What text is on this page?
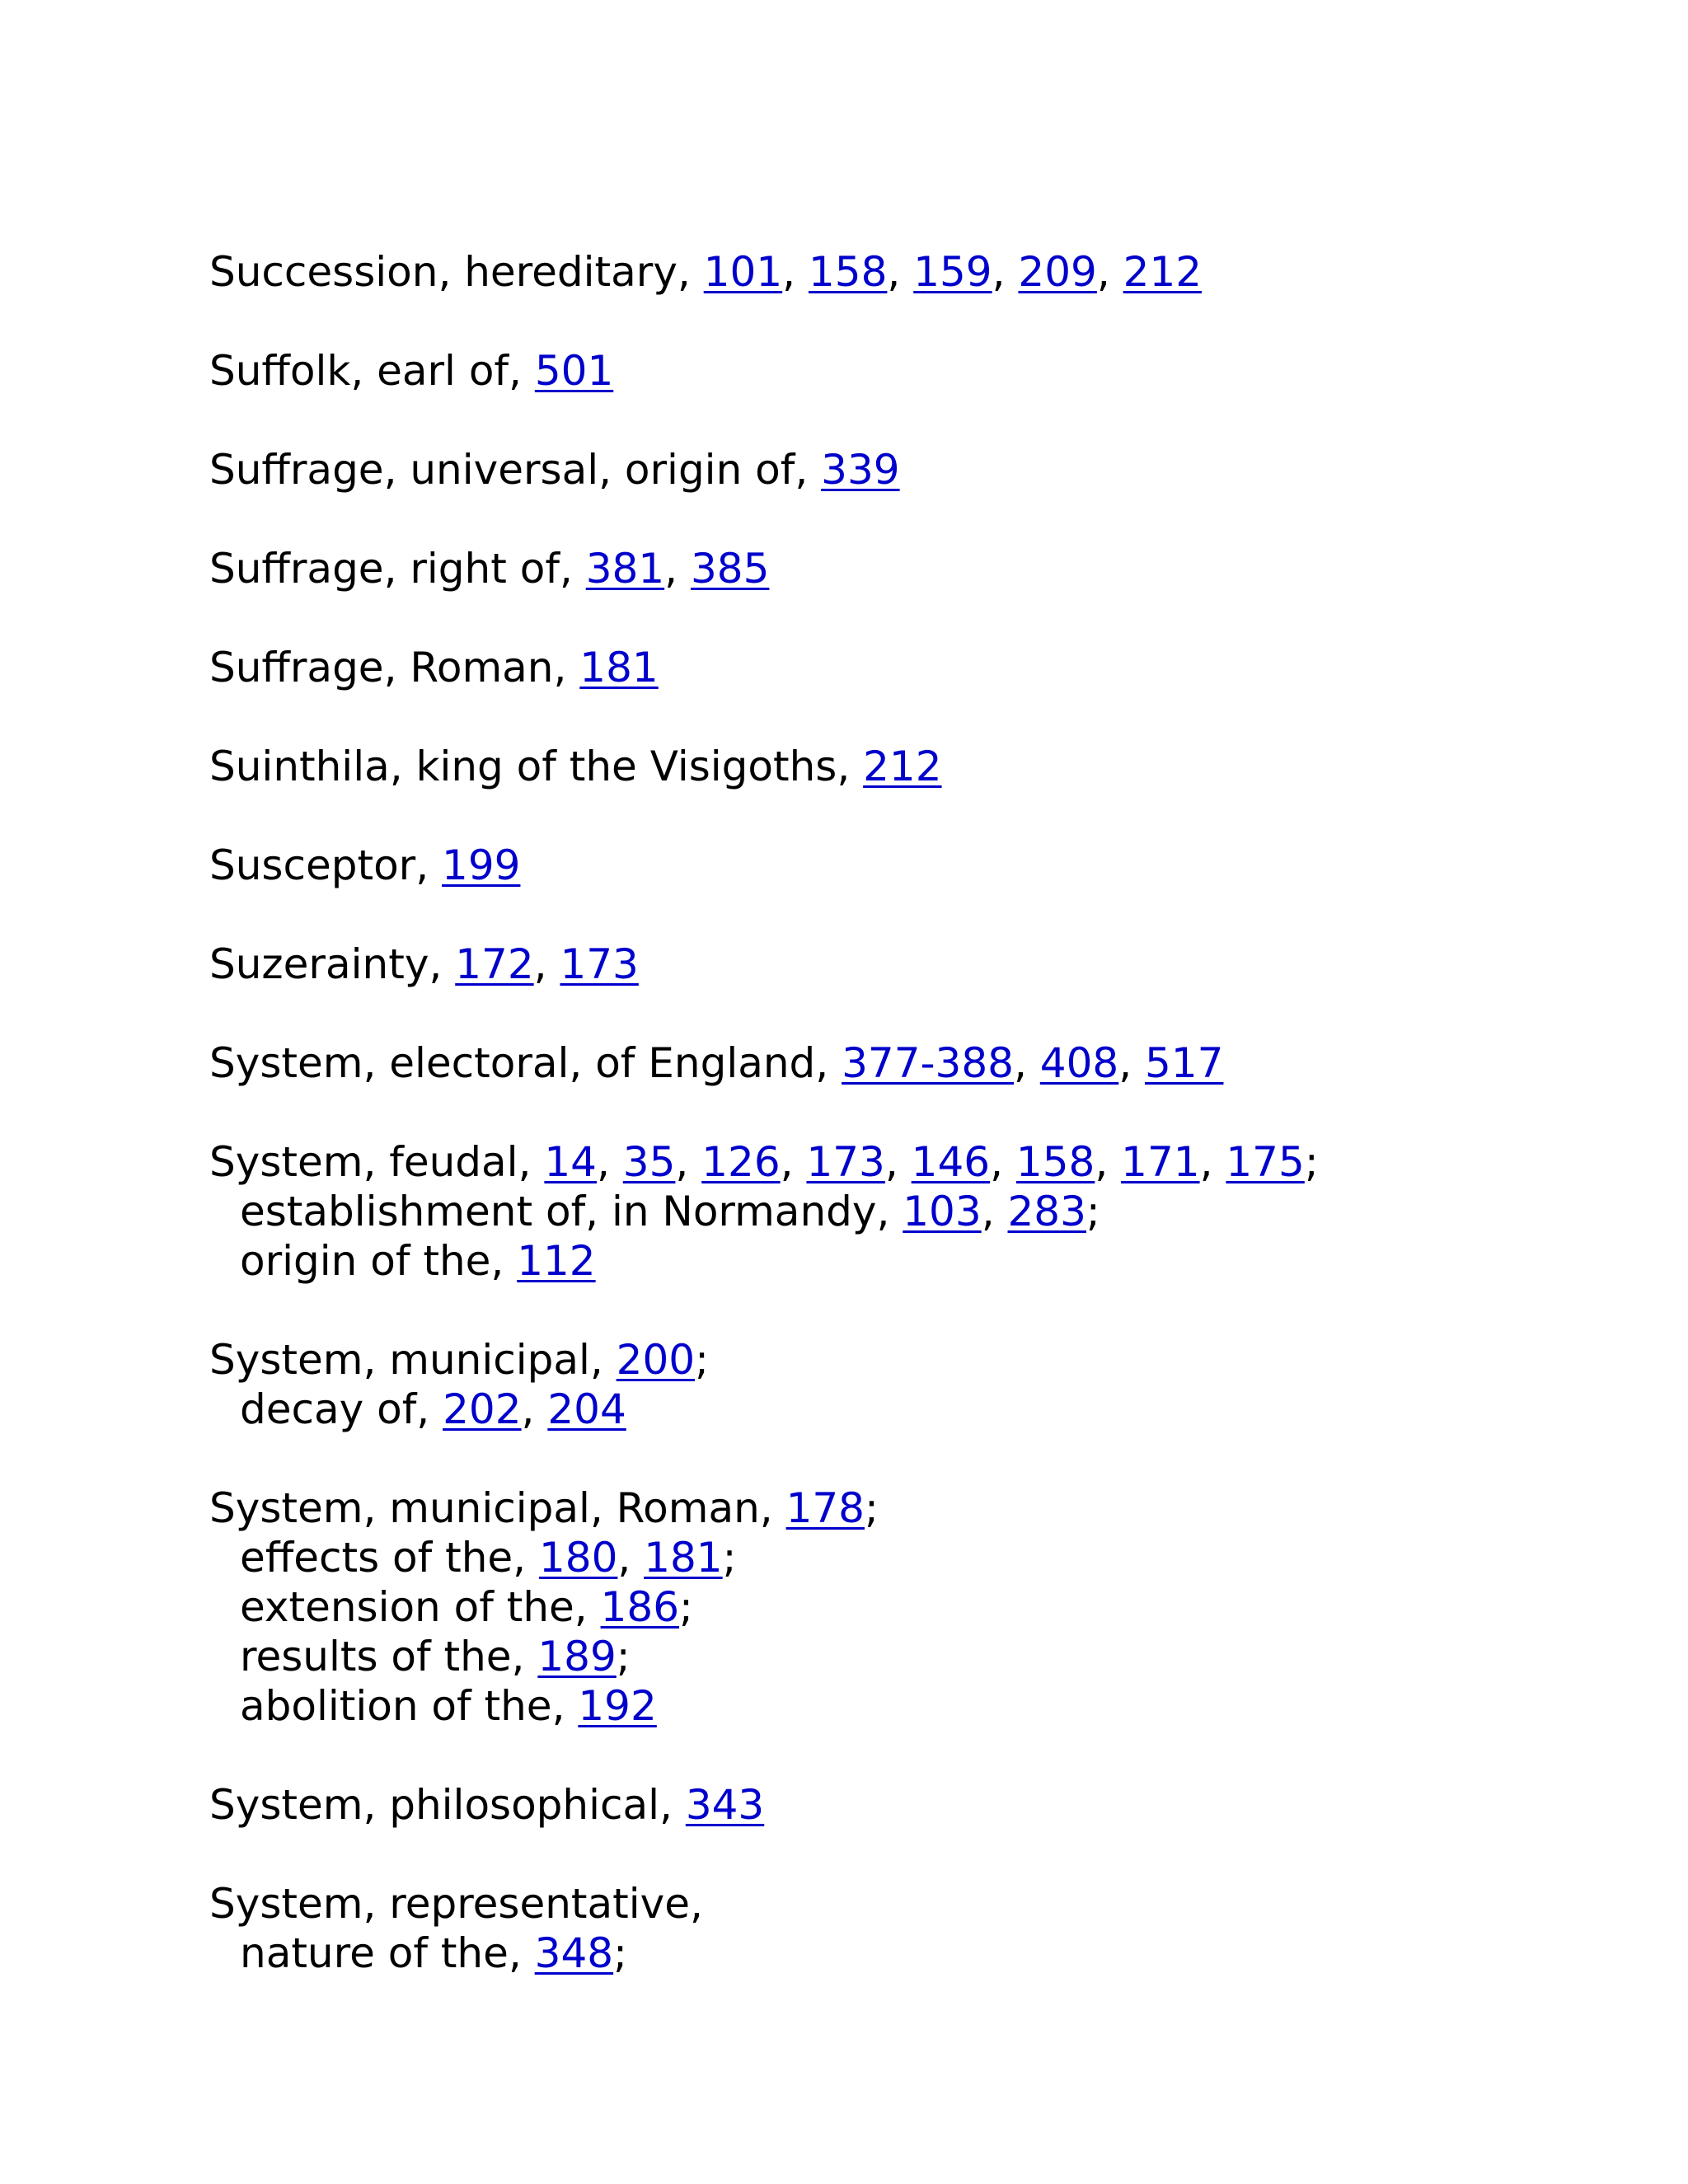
Succession, hereditary, 101, 158, 159, 209, 212
Suffolk, earl of, 501
Suffrage, universal, origin of, 339
Suffrage, right of, 381, 385
Suffrage, Roman, 181
Suinthila, king of the Visigoths, 212
Susceptor, 199
Suzerainty, 172, 173
System, electoral, of England, 377-388, 408, 517
System, feudal, 14, 35, 126, 173, 146, 158, 171, 175;
establishment of, in Normandy, 103, 283;
origin of the, 112
System, municipal, 200;
decay of, 202, 204
System, municipal, Roman, 178;
effects of the, 180, 181;
extension of the, 186;
results of the, 189;
abolition of the, 192
System, philosophical, 343
System, representative,
nature of the, 348;
